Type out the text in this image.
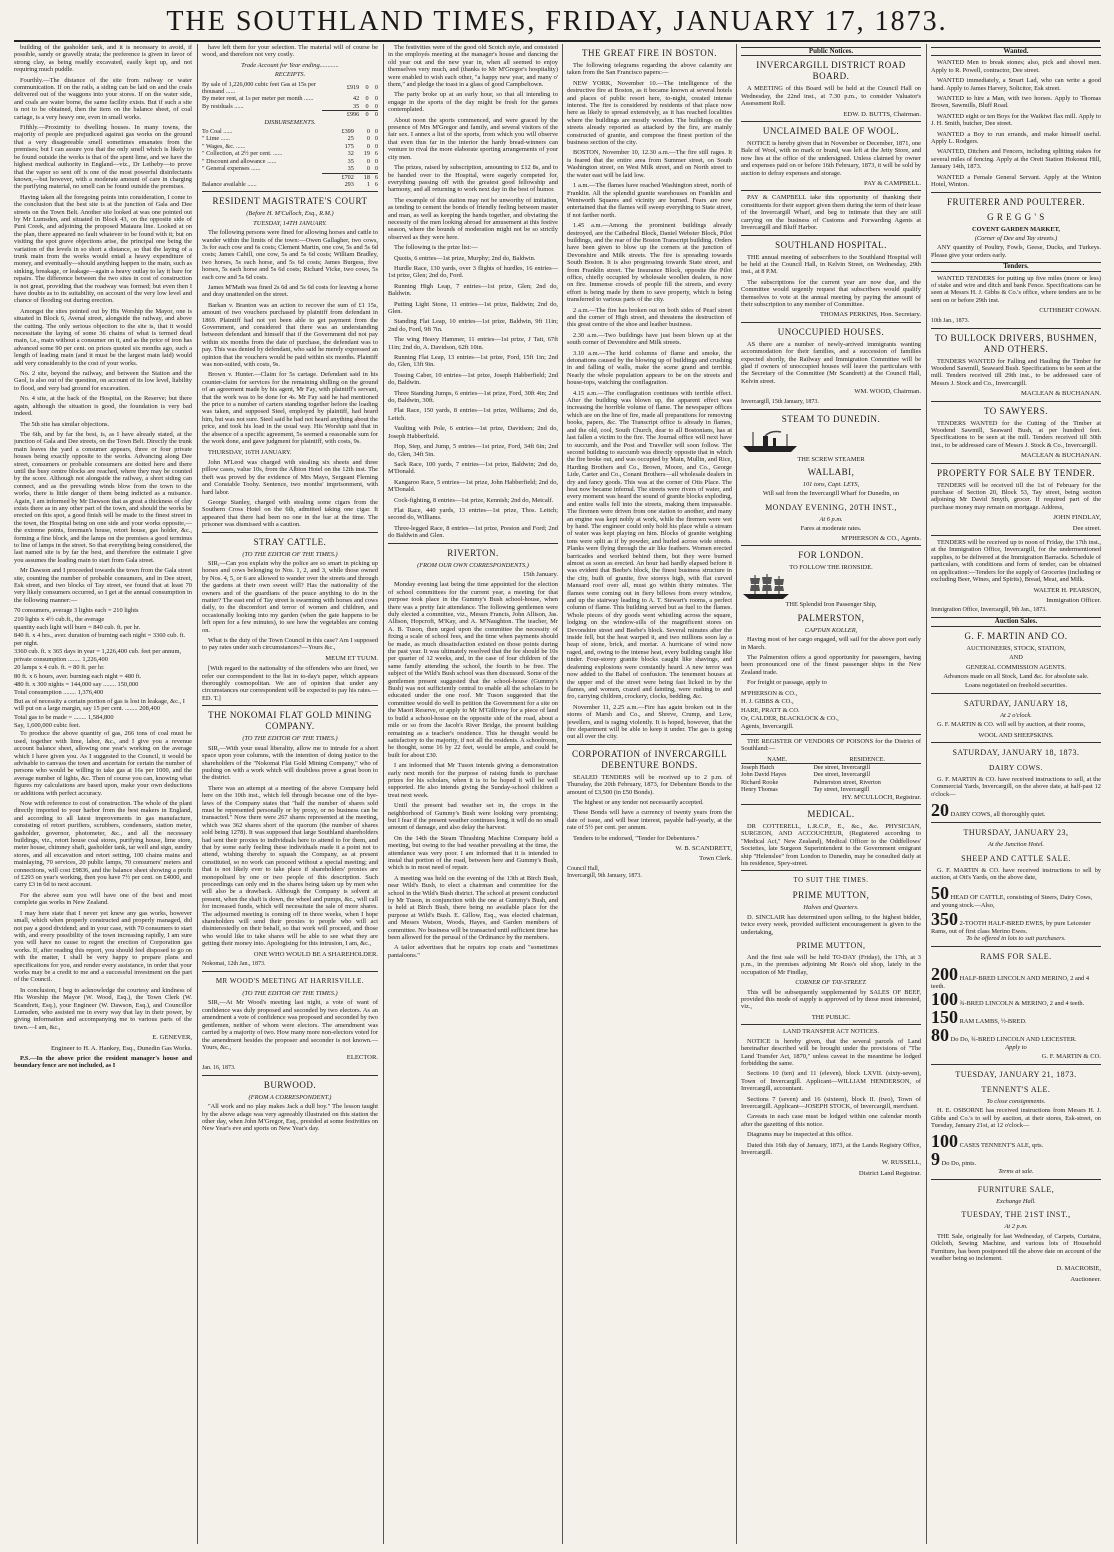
THE SOUTHLAND TIMES, FRIDAY, JANUARY 17, 1873.

building of the gasholder tank, and it is necessary to avoid, if possible, sandy or gravelly strata; the preference is given in favor of strong clay, as being readily excavated, easily kept up, and not requiring much puddle.

Fourthly.—The distance of the site from railway or water communication. If on the rails, a siding can be laid on and the coals delivered out of the waggons into your stores. If on the water side, and coals are water borne, the same facility exists. But if such a site is not to be obtained, then the item on the balance sheet, of coal cartage, is a very heavy one, even in small works.

Fifthly.—Proximity to dwelling houses. In many towns, the majority of people are prejudiced against gas works on the ground that a very disagreeable smell sometimes emanates from the premises; but I can assure you that the only smell which is likely to be found outside the works is that of the spent lime, and we have the highest medical authority in England—viz., Dr Letheby—to prove that the vapor so sent off is one of the most powerful disinfectants known,—but however, with a moderate amount of care in charging the purifying material, no smell can be found outside the premises.

Having taken all the foregoing points into consideration, I come to the conclusion that the best site is at the junction of Gala and Dee streets on the Town Belt. Another site looked at was one pointed out by Mr Lumsden, and situated in Block 43, on the opposite side of Puni Creek, and adjoining the proposed Mataura line. Looked at on the plan, there appeared no fault whatever to be found with it; but on visiting the spot grave objections arise, the principal one being the variation of the levels in so short a distance, so that the laying of a trunk main from the works would entail a heavy expenditure of money, and eventually—should anything happen to the main, such as sinking, breakage, or leakage—again a heavy outlay to lay it bare for repairs. The difference between the two sites in cost of construction is not great, providing that the roadway was formed; but even then I have doubts as to its suitability, on account of the very low level and chance of flooding out during erection.

Amongst the sites pointed out by His Worship the Mayor, one is situated in Block 6, Avenal street, alongside the railway, and above the cutting. The only serious objection to the site is, that it would necessitate the laying of some 36 chains of what is termed dead main, i.e., main without a consumer on it, and as the price of iron has advanced some 90 per cent. on prices quoted six months ago, such a length of leading main (and it must be the largest main laid) would add very considerably to the cost of your works.

No. 2 site, beyond the railway, and between the Station and the Gaol, is also out of the question, on account of its low level, liability to flood, and very bad ground for excavation.

No. 4 site, at the back of the Hospital, on the Reserve; but there again, although the situation is good, the foundation is very bad indeed.

The 5th site has similar objections.

The 6th, and by far the best, is, as I have already stated, at the junction of Gala and Dee streets, on the Town Belt. Directly the trunk main leaves the yard a consumer appears, three or four private houses being exactly opposite to the works. Advancing along Dee street, consumers or probable consumers are dotted here and there until the busy centre blocks are reached, where they may be counted by the score. Although not alongside the railway, a short siding can connect, and as the prevailing winds blow from the town to the works, there is little danger of them being indicted as a nuisance. Again, I am informed by Mr Dawson that as great a thickness of clay exists there as in any other part of the town, and should the works be erected on this spot, a good finish will be made to the finest street in the town, the Hospital being on one side and your works opposite,—the extreme points, foreman's house, retort house, gas holder, &c., forming a fine block, and the lamps on the premises a good terminus to line of lamps in the street. So that everything being considered, the last named site is by far the best, and therefore the estimate I give you assumes the leading main to start from Gala street.

Mr Dawson and I proceeded towards the town from the Gala street site, counting the number of probable consumers, and in Dee street, Esk street, and two blocks of Tay street, we found that at least 70 very likely consumers occurred, so I get at the annual consumption in the following manner:—

70 consumers, average 3 lights each = 210 lights
210 lights x 4½ cub.ft., the average
quantity each light will burn = 840 cub. ft. per hr.
840 ft. x 4 hrs., aver. duration of burning each night = 3360 cub. ft. per night.
3360 cub. ft. x 365 days in year = 1,226,400 cub. feet per annum, private consumption ........ 1,226,400
20 lamps x 4 cub. ft. = 80 ft. per hr.
80 ft. x 6 hours, aver. burning each night = 480 ft.
480 ft. x 300 nights = 144,000 say ........ 150,000
Total consumption ........ 1,376,400
But as of necessity a certain portion of gas is lost in leakage, &c., I will put on a large margin, say 15 per cent. ........ 208,400
Total gas to be made = ........ 1,584,800
Say, 1,600,000 cubic feet.

To produce the above quantity of gas, 266 tons of coal must be used, together with lime, labor, &c., and I give you a revenue account balance sheet, allowing one year's working on the average which I have given you. As I suggested to the Council, it would be advisable to canvass the town and ascertain for certain the number of persons who would be willing to take gas at 16s per 1000, and the average number of lights, &c. Then of course you can, knowing what figures my calculations are based upon, make your own deductions or additions with perfect accuracy.

Now with reference to cost of construction. The whole of the plant directly imported to your harbor from the best makers in England, and according to all latest improvements in gas manufacture, consisting of retort purifiers, scrubbers, condensers, station meter, gasholder, governor, photometer, &c., and all the necessary buildings, viz., retort house coal stores, purifying house, lime store, meter house, chimney shaft, gasholder tank, tar well and sign, sundry stores, and all excavation and retort setting, 100 chains mains and mainlaying, 70 services, 20 public lamps, 70 consumers' meters and connections, will cost £9836, and the balance sheet showing a profit of £293 on year's working, then you have 7½ per cent. on £4000, and carry £3 in 6d to next account.

For the above sum you will have one of the best and most complete gas works in New Zealand.

I may here state that I never yet knew any gas works, however small, which when properly constructed and properly managed, did not pay a good dividend; and in your case, with 70 consumers to start with, and every possibility of the town increasing rapidly, I am sure you will have no cause to regret the erection of Corporation gas works. If, after reading this report, you should feel disposed to go on with the matter, I shall be very happy to prepare plans and specifications for you, and render every assistance, in order that your works may be a credit to me and a successful investment on the part of the Council.

In conclusion, I beg to acknowledge the courtesy and kindness of His Worship the Mayor (W. Wood, Esq.), the Town Clerk (W. Scandrett, Esq.), your Engineer (W. Dawson, Esq.), and Councillor Lumsden, who assisted me in every way that lay in their power, by giving information and accompanying me to various parts of the town.—I am, &c.,

E. GENEVER,
Engineer to H. A. Hankey, Esq., Dunedin Gas Works.

P.S.—In the above price the resident manager's house and boundary fence are not included, as I

have left them for your selection. The material will of course be wood, and therefore not very costly.

Trade Account for Year ending............
RECEIPTS.
By sale of 1,226,000 cubic feet Gas at 15s per thousand ......	£919	0	0
By meter rent, at 1s per meter per month ......	42	0	0
By residuals ......	35	0	0
	£996	0	0
DISBURSEMENTS.
To Coal ......	£399	0	0
" Lime ......	25	0	0
" Wages, &c. ......	175	0	0
" Collection, at 2½ per cent. ......	32	19	6
" Discount and allowance ......	35	0	0
" General expenses ......	35	0	0
	£702	18	6
Balance available ......	293	1	6
RESIDENT MAGISTRATE'S COURT
(Before H. M'Culloch, Esq., R.M.)
TUESDAY, 14TH JANUARY.

The following persons were fined for allowing horses and cattle to wander within the limits of the town:—Owen Gallagher, two cows, 3s for each cow and 6s costs; Clement Martin, one cow, 5s and 5s 6d costs; James Cahill, one cow, 5s and 5s 6d costs; William Bradley, two horses, 5s each horse, and 5s 6d costs; James Burgess, five horses, 5s each horse and 5s 6d costs; Richard Vicke, two cows, 5s each cow and 5s 6d costs.

James M'Math was fined 2s 6d and 5s 6d costs for leaving a horse and dray unattended on the street.

Barkan v. Branton was an action to recover the sum of £1 15s, amount of two vouchers purchased by plaintiff from defendant in 1869. Plaintiff had not yet been able to get payment from the Government, and considered that there was an understanding between defendant and himself that if the Government did not pay within six months from the date of purchase, the defendant was to pay. This was denied by defendant, who said he merely expressed an opinion that the vouchers would be paid within six months. Plaintiff was non-suited, with costs, 9s.

Brown v. Hunter.—Claim for 5s cartage. Defendant said in his counter-claim for services for the remaining shilling on the ground of an agreement made by his agent, Mr Fay, with plaintiff's servant, that the work was to be done for 4s. Mr Fay said he had mentioned the price to a number of carters standing together before the loading was taken, and supposed Steel, employed by plaintiff, had heard him, but was not sure. Steel said he had not heard anything about the price, and took his load in the usual way. His Worship said that in the absence of a specific agreement, 5s seemed a reasonable sum for the work done, and gave judgment for plaintiff, with costs, 9s.

THURSDAY, 16TH JANUARY.

John M'Leod was charged with stealing six sheets and three pillow cases, value 10s, from the Albion Hotel on the 12th inst. The theft was proved by the evidence of Mrs Mayo, Sergeant Fleming and Constable Toohy. Sentence, two months' imprisonment, with hard labor.

George Stanley, charged with stealing some cigars from the Southern Cross Hotel on the 6th, admitted taking one cigar. It appeared that there had been no one in the bar at the time. The prisoner was dismissed with a caution.

STRAY CATTLE.
(TO THE EDITOR OF THE TIMES.)

SIR,—Can you explain why the police are so smart in picking up horses and cows belonging to Nos. 1, 2, and 3, while those owned by Nos. 4, 5, or 6 are allowed to wander over the streets and through the gardens at their own sweet will? Has the nationality of the owners and of the guardians of the peace anything to do in the matter? The east end of Tay street is swarming with horses and cows daily, to the discomfort and terror of women and children, and occasionally looking into my garden (when the gate happens to be left open for a few minutes), to see how the vegetables are coming on.

What is the duty of the Town Council in this case? Am I supposed to pay rates under such circumstances?—Yours &c.,

MEUM ET TUUM.

[With regard to the nationality of the offenders who are fined, we refer our correspondent to the list in to-day's paper, which appears thoroughly cosmopolitan. We are of opinion that under any circumstances our correspondent will be expected to pay his rates.—ED. T.]

THE NOKOMAI FLAT GOLD MINING COMPANY.
(TO THE EDITOR OF THE TIMES.)

SIR,—With your usual liberality, allow me to intrude for a short space upon your columns, with the intention of doing justice to the shareholders of the "Nokomai Flat Gold Mining Company," who of pushing on with a work which will doubtless prove a great boon to the district.

There was an attempt at a meeting of the above Company held here on the 10th inst., which fell through because one of the bye-laws of the Company states that "half the number of shares sold must be represented personally or by proxy, or no business can be transacted." Now there were 267 shares represented at the meeting, which was 362 shares short of the quorum (the number of shares sold being 1278). It was supposed that large Southland shareholders had sent their proxies to individuals here to attend to for them, and that by some early feeling these individuals made it a point not to attend, wishing thereby to squash the Company, as at present constituted, so no work can proceed without a special meeting; and that is not likely ever to take place if shareholders' proxies are monopolised by one or two people of this description. Such proceedings can only end in the shares being taken up by men who will also be a drawback. Although the Company is solvent at present, when the shaft is down, the wheel and pumps, &c., will call for increased funds, which will necessitate the sale of more shares. The adjourned meeting is coming off in three weeks, when I hope shareholders will send their proxies to people who will act disinterestedly on their behalf, so that work will proceed, and those who would like to take shares will be able to see what they are getting their money into. Apologising for this intrusion, I am, &c.,

ONE WHO WOULD BE A SHAREHOLDER.
Nokomai, 12th Jan., 1873.
MR WOOD'S MEETING AT HARRISVILLE.
(TO THE EDITOR OF THE TIMES.)

SIR,—At Mr Wood's meeting last night, a vote of want of confidence was duly proposed and seconded by two electors. As an amendment a vote of confidence was proposed and seconded by two gentlemen, neither of whom were electors. The amendment was carried by a majority of two. How many more non-electors voted for the amendment besides the proposer and seconder is not known.—Yours, &c.,

ELECTOR.
Jan. 16, 1873.
BURWOOD.
(FROM A CORRESPONDENT.)

"All work and no play makes Jack a dull boy." The lesson taught by the above adage was very agreeably illustrated on this station the other day, when John M'Gregor, Esq., presided at some festivities on New Year's eve and sports on New Year's day.

The festivities were of the good old Scotch style, and consisted in the employés meeting at the manager's house and dancing the old year out and the new year in, when all seemed to enjoy themselves very much, and (thanks to Mr M'Gregor's hospitality) were enabled to wish each other, "a happy new year, and many o' them," and pledge the toast in a glass of good Campbeltown.

The party broke up at an early hour, so that all intending to engage in the sports of the day might be fresh for the games contemplated.

About noon the sports commenced, and were graced by the presence of Mrs M'Gregor and family, and several visitors of the fair sex. I annex a list of the sports, from which you will observe that even thus far in the interior the hardy bread-winners can venture to rival the more elaborate sporting arrangements of your city men.

The prizes, raised by subscription, amounting to £12 8s, and to be handed over to the Hospital, were eagerly competed for, everything passing off with the greatest good fellowship and harmony, and all returning to work next day in the best of humor.

The example of this station may not be unworthy of imitation, as tending to cement the bonds of friendly feeling between master and man, as well as keeping the hands together, and obviating the necessity of the men looking abroad for amusement at this festive season, where the bounds of moderation might not be so strictly observed as they were here.

The following is the prize list:—

Quoits, 6 entries—1st prize, Murphy; 2nd do, Baldwin.

Hurdle Race, 130 yards, over 3 flights of hurdles, 16 entries—1st prize, Glen; 2nd do, Ford.

Running High Leap, 7 entries—1st prize, Glen; 2nd do, Baldwin.

Putting Light Stone, 11 entries—1st prize, Baldwin; 2nd do, Glen.

Standing Flat Leap, 10 entries—1st prize, Baldwin, 9ft 11in; 2nd do, Ford, 9ft 7in.

The wing Heavy Hammer, 11 entries—1st prize, J Tait, 67ft 11in; 2nd do, A. Davidson, 62ft 10in.

Running Flat Leap, 13 entries—1st prize, Ford, 15ft 1in; 2nd do, Glen, 13ft 9in.

Tossing Caber, 10 entries—1st prize, Joseph Habberfield; 2nd do, Baldwin.

Three Standing Jumps, 6 entries—1st prize, Ford, 30ft 4in; 2nd do, Baldwin, 30ft.

Flat Race, 150 yards, 8 entries—1st prize, Williams; 2nd do, Leitch.

Vaulting with Pole, 6 entries—1st prize, Davidson; 2nd do, Joseph Habberfield.

Hop, Step, and Jump, 5 entries—1st prize, Ford, 34ft 6in; 2nd do, Glen, 34ft 5in.

Sack Race, 100 yards, 7 entries—1st prize, Baldwin; 2nd do, M'Donald.

Kangaroo Race, 5 entries—1st prize, John Habberfield; 2nd do, M'Donald.

Cock-fighting, 8 entries—1st prize, Kennish; 2nd do, Metcalf.

Flat Race, 440 yards, 13 entries—1st prize, Thos. Leitch; second do, Williams.

Three-legged Race, 8 entries—1st prize, Preston and Ford; 2nd do Baldwin and Glen.

RIVERTON.
(FROM OUR OWN CORRESPONDENTS.)
15th January.

Monday evening last being the time appointed for the election of school committees for the current year, a meeting for that purpose took place in the Gummy's Bush school-house, when there was a pretty fair attendance. The following gentlemen were duly elected a committee, viz., Messrs Francis, John Allison, Jas. Allison, Hopcroft, M'Kay, and A. M'Naughton. The teacher, Mr A. B. Tuson, then urged upon the committee the necessity of fixing a scale of school fees, and the time when payments should be made, as much dissatisfaction existed on those points during the past year. It was ultimately resolved that the fee should be 10s per quarter of 12 weeks, and, in the case of four children of the same family attending the school, the fourth to be free. The subject of the Wild's Bush school was then discussed. Some of the gentlemen present suggested that the school-house (Gummy's Bush) was not sufficiently central to enable all the scholars to be educated under the one roof. Mr Tuson suggested that the committee would do well to petition the Government for a site on the Maori Reserve, or apply to Mr M'Gillivray for a piece of land to build a school-house on the opposite side of the road, about a mile or so from the Jacob's River Bridge, the present building remaining as a teacher's residence. This he thought would be satisfactory to the majority, if not all the residents. A schoolroom, he thought, some 16 by 22 feet, would be ample, and could be built for about £30.

I am informed that Mr Tuson intends giving a demonstration early next month for the purpose of raising funds to purchase prizes for his scholars, when it is to be hoped it will be well supported. He also intends giving the Sunday-school children a treat next week.

Until the present bad weather set in, the crops in the neighborhood of Gummy's Bush were looking very promising; but I fear if the present weather continues long, it will do no small amount of damage, and also delay the harvest.

On the 14th the Steam Thrashing Machine Company held a meeting, but owing to the bad weather prevailing at the time, the attendance was very poor. I am informed that it is intended to instal that portion of the road, between here and Gummy's Bush, which is in most need of repair.

A meeting was held on the evening of the 13th at Birch Bush, near Wild's Bush, to elect a chairman and committee for the school in the Wild's Bush district. The school at present conducted by Mr Tuson, in conjunction with the one at Gummy's Bush, and is held at Birch Bush, there being no available place for the purpose at Wild's Bush. E. Gillow, Esq., was elected chairman, and Messrs Watson, Woods, Hayes, and Garden members of committee. No business will be transacted until sufficient time has been allowed for the perusal of the Ordinance by the members.

A tailor advertises that he repairs top coats and "sometimes pantaloons."

THE GREAT FIRE IN BOSTON.

The following telegrams regarding the above calamity are taken from the San Francisco papers:—

NEW YORK, November 10.—The intelligence of the destructive fire at Boston, as it became known at several hotels and places of public resort here, to-night, created intense interest. The fire is considered by residents of that place now here as likely to spread extensively, as it has reached localities where the buildings are mostly wooden. The buildings on the streets already reported as attacked by the fire, are mainly constructed of granite, and compose the finest portion of the business section of the city.

BOSTON, November 10, 12.30 a.m.—The fire still rages. It is feared that the entire area from Summer street, on South Washington street, on West Milk street, and on North street to the water east will be laid low.

1 a.m.—The flames have reached Washington street, north of Franklin. All the splendid granite warehouses on Franklin and Wentworth Squares and vicinity are burned. Fears are now entertained that the flames will sweep everything to State street, if not farther north.

1.45 a.m.—Among the prominent buildings already destroyed, are the Cathedral Block, Daniel Webster Block, Pilot buildings, and the rear of the Boston Transcript building. Orders have been given to blow up the corners at the junction of Devonshire and Milk streets. The fire is spreading towards South Boston. It is also progressing towards State street, and from Franklin street. The Insurance Block, opposite the Pilot office, chiefly occupied by wholesale woollen dealers, is now on fire. Immense crowds of people fill the streets, and every effort is being made by them to save property, which is being transferred to various parts of the city.

2 a.m.—The fire has broken out on both sides of Pearl street and the corner of High street, and threatens the destruction of this great centre of the shoe and leather business.

2.30 a.m.—Two buildings have just been blown up at the south corner of Devonshire and Milk streets.

3.10 a.m.—The lurid columns of flame and smoke, the detonations caused by the blowing up of buildings and crushing in and falling of walls, make the scene grand and terrible. Nearly the whole population appears to be on the streets and house-tops, watching the conflagration.

4.15 a.m.—The conflagration continues with terrible effect. After the building was blown up, the apparent effect was increasing the horrible volume of flame. The newspaper offices which are on the line of fire, made all preparations for removing books, papers, &c. The Transcript office is already in flames, and the old, cool, South Church, dear to all Bostonians, has at last fallen a victim to the fire. The Journal office will next have to succumb, and the Post and Traveller will soon follow. The second building to succumb was directly opposite that in which the fire broke out, and was occupied by Main, Mullin, and Rice, Harding Brothers and Co., Brown, Moore, and Co., George Lide, Carter and Co., Conant Brothers—all wholesale dealers in dry and fancy goods. This was at the corner of Otis Place. The heat now became infernal. The streets were rivers of water, and every moment was heard the sound of granite blocks exploding, and entire walls fell into the streets, making them impassable. The firemen were driven from one station to another, and many an engine was kept nobly at work, while the firemen were wet by hand. The engineer could only hold his place while a stream of water was kept playing on him. Blocks of granite weighing tons were split as if by powder, and hurled across wide streets. Planks were flying through the air like feathers. Women erected barricades and worked behind them, but they were burned almost as soon as erected. An hour had hardly elapsed before it was evident that Beebe's block, the finest business structure in the city, built of granite, five storeys high, with flat curved Mansard roof over all, must go within thirty minutes. The flames were coming out in fiery billows from every window, and up the stairway leading to A. T. Stewart's rooms, a perfect column of flame. This building served but as fuel to the flames. Whole pieces of dry goods went whistling across the square, lodging on the window-sills of the magnificent stores on Devonshire street and Beebe's block. Several minutes after the inside fell, but the heat warped it, and two millions soon lay a heap of stone, brick, and mortar. A hurricane of wind now raged, and, owing to the intense heat, every building caught like tinder. Four-storey granite blocks caught like shavings, and deafening explosions were constantly heard. A new terror was now added to the Babel of confusion. The tenement houses at the upper end of the street were being fast licked in by the flames, and women, crazed and fainting, were rushing to and fro, carrying children, crockery, clocks, bedding, &c.

November 11, 2.25 a.m.—Fire has again broken out in the stores of Marsh and Co., and Shreve, Crump, and Low, jewellers, and is raging violently. It is hoped, however, that the fire department will be able to keep it under. The gas is going out all over the city.

CORPORATION of INVERCARGILL DEBENTURE BONDS.

SEALED TENDERS will be received up to 2 p.m. of Thursday, the 20th February, 1873, for Debenture Bonds to the amount of £3,500 (in £50 Bonds).

The highest or any tender not necessarily accepted.

These Bonds will have a currency of twenty years from the date of issue, and will bear interest, payable half-yearly, at the rate of 5½ per cent. per annum.

Tenders to be endorsed, "Tender for Debentures."

W. B. SCANDRETT,
Town Clerk.
Council Hall,
Invercargill, 9th January, 1873.
Public Notices.
INVERCARGILL DISTRICT ROAD BOARD.

A MEETING of this Board will be held at the Council Hall on Wednesday, the 22nd inst., at 7.30 p.m., to consider Valuator's Assessment Roll.

EDW. D. BUTTS, Chairman.
UNCLAIMED BALE OF WOOL.

NOTICE is hereby given that in November or December, 1871, one Bale of Wool, with no mark or brand, was left at the Jetty Store, and now lies at the office of the undersigned. Unless claimed by owner and expenses paid on or before 16th February, 1873, it will be sold by auction to defray expenses and storage.

PAY & CAMPBELL.

PAY & CAMPBELL take this opportunity of thanking their constituents for their support given them during the term of their lease of the Invercargill Wharf, and beg to intimate that they are still carrying on the business of Customs and Forwarding Agents at Invercargill and Bluff Harbor.

SOUTHLAND HOSPITAL.

THE annual meeting of subscribers to the Southland Hospital will be held at the Council Hall, in Kelvin Street, on Wednesday, 29th inst., at 8 P.M.

The subscriptions for the current year are now due, and the Committee would urgently request that subscribers would qualify themselves to vote at the annual meeting by paying the amount of their subscription to any member of Committee.

THOMAS PERKINS, Hon. Secretary.
UNOCCUPIED HOUSES.

AS there are a number of newly-arrived immigrants wanting accommodation for their families, and a succession of families expected shortly, the Railway and Immigration Committee will be glad if owners of unoccupied houses will leave the particulars with the Secretary of the Committee (Mr Scandrett) at the Council Hall, Kelvin street.

WM. WOOD, Chairman.
Invercargill, 15th January, 1873.
STEAM TO DUNEDIN.
THE SCREW STEAMER
WALLABI,
101 tons, Capt. LEYS,
Will sail from the Invercargill Wharf for Dunedin, on
MONDAY EVENING, 20TH INST.,
At 6 p.m.
Fares at moderate rates.
M'PHERSON & CO., Agents.
FOR LONDON.
TO FOLLOW THE IRONSIDE.
THE Splendid Iron Passenger Ship,
PALMERSTON,
CAPTAIN KOLLER,

Having most of her cargo engaged, will sail for the above port early in March.

The Palmerston offers a good opportunity for passengers, having been pronounced one of the finest passenger ships in the New Zealand trade.

For freight or passage, apply to

M'PHERSON & CO.,
H. J. GIBBS & CO.,
HARE, PRATT & CO.
Or, CALDER, BLACKLOCK & CO.,
Agents, Invercargill.

THE REGISTER OF VENDORS OF POISONS for the District of Southland:—

NAME.	RESIDENCE.
Joseph Hatch	Dee street, Invercargill
John David Hayes	Dee street, Invercargill
Richard Rooke	Palmerston street, Riverton
Henry Thomas	Tay street, Invercargill
HY. M'CULLOCH, Registrar.
MEDICAL.

DR COTTERELL, L.R.C.P., E., &c., &c. PHYSICIAN, SURGEON, AND ACCOUCHEUR, (Registered according to "Medical Act," New Zealand), Medical Officer to the Oddfellows' Societies, late Surgeon Superintendent to the Government emigrant ship "Helenslee" from London to Dunedin, may be consulted daily at his residence, Spey-street.

TO SUIT THE TIMES.
PRIME MUTTON,
Halves and Quarters.

D. SINCLAIR has determined upon selling, to the highest bidder, twice every week, provided sufficient encouragement is given to the undertaking,

PRIME MUTTON,

And the first sale will be held TO-DAY (Friday), the 17th, at 3 p.m., in the premises adjoining Mr Ross's old shop, lately in the occupation of Mr Findlay,

CORNER OF TAY-STREET.

This will be subsequently supplemented by SALES OF BEEF, provided this mode of supply is approved of by those most interested, viz.,

THE PUBLIC.
LAND TRANSFER ACT NOTICES.

NOTICE is hereby given, that the several parcels of Land hereinafter described will be brought under the provisions of "The Land Transfer Act, 1870," unless caveat in the meantime be lodged forbidding the same.

Sections 10 (ten) and 11 (eleven), block LXVII. (sixty-seven), Town of Invercargill. Applicant—WILLIAM HENDERSON, of Invercargill, accountant.

Sections 7 (seven) and 16 (sixteen), block II. (two), Town of Invercargill. Applicant—JOSEPH STOCK, of Invercargill, merchant.

Caveats in each case must be lodged within one calendar month after the gazetting of this notice.

Diagrams may be inspected at this office.

Dated this 16th day of January, 1873, at the Lands Registry Office, Invercargill.

W. RUSSELL,
District Land Registrar.
Wanted.

WANTED Men to break stones; also, pick and shovel men. Apply to R. Powell, contractor, Dee street.

WANTED immediately, a Smart Lad, who can write a good hand. Apply to James Harvey, Solicitor, Esk street.

WANTED to hire a Man, with two horses. Apply to Thomas Brown, Sawmills, Bluff Road.

WANTED eight or ten Boys for the Waikiwi flax mill. Apply to J. H. Smith, butcher, Dee street.

WANTED a Boy to run errands, and make himself useful. Apply L. Rodgers.

WANTED, Ditchers and Fencers, including splitting stakes for several miles of fencing. Apply at the Oreti Station Hokonui Hill, January 14th, 1873.

WANTED a Female General Servant. Apply at the Winton Hotel, Winton.

FRUITERER AND POULTERER.
G R E G G ' S
COVENT GARDEN MARKET,
(Corner of Dee and Tay streets.)

ANY quantity of Poultry, Fowls, Geese, Ducks, and Turkeys. Please give your orders early.

Tenders.

WANTED TENDERS for putting up five miles (more or less) of stake and wire and ditch and bank Fence. Specifications can be seen at Messrs H. J. Gibbs & Co.'s office, where tenders are to be sent on or before 29th inst.

CUTHBERT COWAN.
10th Jan., 1873.
TO BULLOCK DRIVERS, BUSHMEN, AND OTHERS.

TENDERS WANTED for Falling and Hauling the Timber for Woodend Sawmill, Seaward Bush. Specifications to be seen at the mill. Tenders received till 29th inst., to be addressed care of Messrs J. Stock and Co., Invercargill.

MACLEAN & BUCHANAN.
TO SAWYERS.

TENDERS WANTED for the Cutting of the Timber at Woodend Sawmill, Seaward Bush, at per hundred feet. Specifications to be seen at the mill. Tenders received till 30th inst., to be addressed care of Messrs J. Stock & Co., Invercargill.

MACLEAN & BUCHANAN.
PROPERTY FOR SALE BY TENDER.

TENDERS will be received till the 1st of February for the purchase of Section 20, Block 53, Tay street, being section adjoining Mr David Smyth, grocer. If required part of the purchase money may remain on mortgage. Address,

JOHN FINDLAY,
Dee street.

TENDERS will be received up to noon of Friday, the 17th inst., at the Immigration Office, Invercargill, for the undermentioned supplies, to be delivered at the Immigration Barracks. Schedule of particulars, with conditions and form of tender, can be obtained on application:—Tenders for the supply of Groceries (including or excluding Beer, Wines, and Spirits), Bread, Meat, and Milk.

WALTER H. PEARSON,
Immigration Officer.
Immigration Office, Invercargill, 9th Jan., 1873.
Auction Sales.
G. F. MARTIN AND CO.
AUCTIONEERS, STOCK, STATION,
AND
GENERAL COMMISSION AGENTS.
Advances made on all Stock, Land &c. for absolute sale.
Loans negotiated on freehold securities.
SATURDAY, JANUARY 18,
At 2 o'clock.

G. F. MARTIN & CO. will sell by auction, at their rooms,

WOOL AND SHEEPSKINS.
SATURDAY, JANUARY 18, 1873.
DAIRY COWS.

G. F. MARTIN & CO. have received instructions to sell, at the Commercial Yards, Invercargill, on the above date, at half-past 12 o'clock—

20 DAIRY COWS, all thoroughly quiet.
THURSDAY, JANUARY 23,
At the Junction Hotel.
SHEEP AND CATTLE SALE.

G. F. MARTIN & CO. have received instructions to sell by auction, at Ott's Yards, on the above date,

50 HEAD OF CATTLE, consisting of Steers, Dairy Cows, and young stock.—Also,
350 2-TOOTH HALF-BRED EWES, by pure Leicester Rams, out of first class Merino Ewes.
To be offered in lots to suit purchasers.
RAMS FOR SALE.
200 HALF-BRED LINCOLN AND MERINO, 2 and 4 teeth.
100 ¾-BRED LINCOLN & MERINO, 2 and 4 teeth.
150 RAM LAMBS, ½-BRED.
80 Do Do, ¾-BRED LINCOLN AND LEICESTER.
Apply to
G. F. MARTIN & CO.
TUESDAY, JANUARY 21, 1873.
TENNENT'S ALE.
To close consignments.

H. E. OSBORNE has received instructions from Messrs H. J. Gibbs and Co.'s to sell by auction, at their stores, Esk-street, on Tuesday, January 21st, at 12 o'clock—

100 CASES TENNENT'S ALE, qrts.
9 Do Do, pints.
Terms at sale.
FURNITURE SALE,
Exchange Hall.
TUESDAY, THE 21ST INST.,
At 2 p.m.

THE Sale, originally for last Wednesday, of Carpets, Curtains, Oilcloth, Sewing Machine, and various lots of Household Furniture, has been postponed till the above date on account of the weather being so inclement.

D. MACROBIE,
Auctioneer.
